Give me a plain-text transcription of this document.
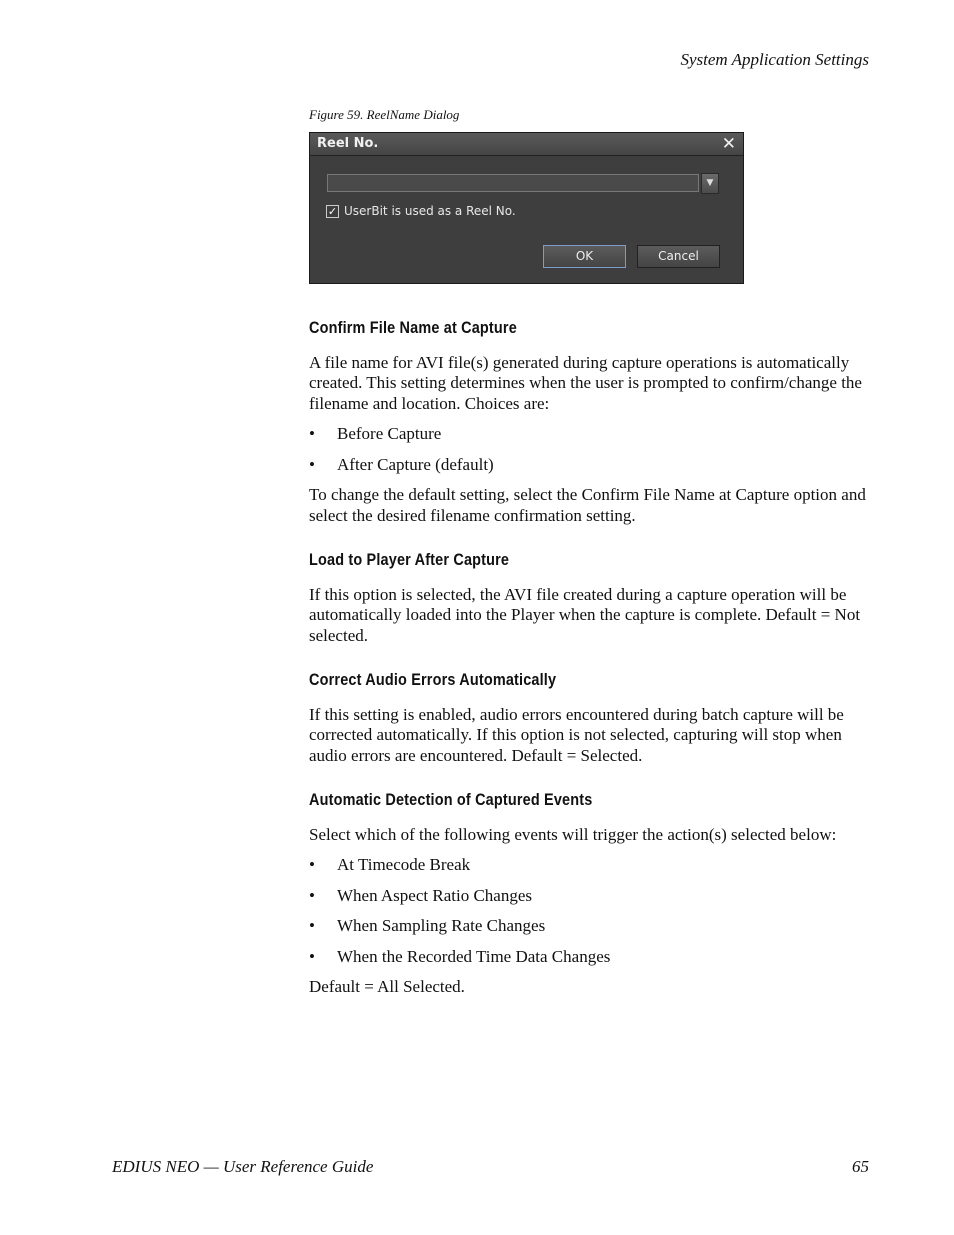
System Application Settings
Figure 59. ReelName Dialog
Reel No.	✕
▼
✓ UserBit is used as a Reel No.
OK	Cancel
Confirm File Name at Capture

A file name for AVI file(s) generated during capture operations is automatically created. This setting determines when the user is prompted to confirm/change the filename and location. Choices are:

• Before Capture
• After Capture (default)

To change the default setting, select the Confirm File Name at Capture option and select the desired filename confirmation setting.

Load to Player After Capture

If this option is selected, the AVI file created during a capture operation will be automatically loaded into the Player when the capture is complete. Default = Not selected.

Correct Audio Errors Automatically

If this setting is enabled, audio errors encountered during batch capture will be corrected automatically. If this option is not selected, capturing will stop when audio errors are encountered. Default = Selected.

Automatic Detection of Captured Events

Select which of the following events will trigger the action(s) selected below:

• At Timecode Break
• When Aspect Ratio Changes
• When Sampling Rate Changes
• When the Recorded Time Data Changes

Default = All Selected.

EDIUS NEO — User Reference Guide	65
